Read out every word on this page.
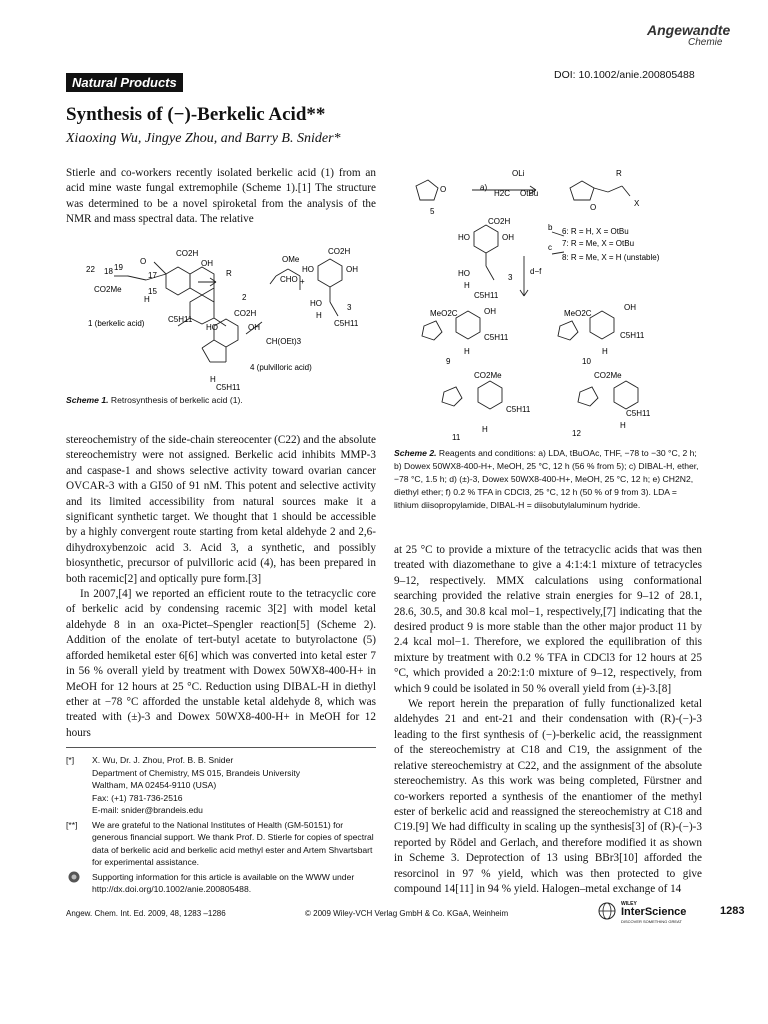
Angewandte
Chemie
Natural Products	DOI: 10.1002/anie.200805488
Synthesis of (−)-Berkelic Acid**
Xiaoxing Wu, Jingye Zhou, and Barry B. Snider*

Stierle and co-workers recently isolated berkelic acid (1) from an acid mine waste fungal extremophile (Scheme 1).[1] The structure was determined to be a novel spiroketal from the analysis of the NMR and mass spectral data. The relative

CO2H
OH	OMe
CHO
R
CO2H
HO	OH
HO
H
C5H11
1 (berkelic acid)
2
3
+
CO2Me
CO2H
HO	OH
CH(OEt)3
H
C5H11
4 (pulvilloric acid)
22 19
18	17
15
O
H
C5H11
Scheme 1. Retrosynthesis of berkelic acid (1).

stereochemistry of the side-chain stereocenter (C22) and the absolute stereochemistry were not assigned. Berkelic acid inhibits MMP-3 and caspase-1 and shows selective activity toward ovarian cancer OVCAR-3 with a GI50 of 91 nM. This potent and selective activity and its limited accessibility from natural sources make it a significant synthetic target. We thought that 1 should be accessible by a highly convergent route starting from ketal aldehyde 2 and 2,6-dihydroxybenzoic acid 3. Acid 3, a synthetic, and possibly biosynthetic, precursor of pulvilloric acid (4), has been prepared in both racemic[2] and optically pure form.[3]

In 2007,[4] we reported an efficient route to the tetracyclic core of berkelic acid by condensing racemic 3[2] with model ketal aldehyde 8 in an oxa-Pictet–Spengler reaction[5] (Scheme 2). Addition of the enolate of tert-butyl acetate to butyrolactone (5) afforded hemiketal ester 6[6] which was converted into ketal ester 7 in 56 % overall yield by treatment with Dowex 50WX8-400-H+ in MeOH for 12 hours at 25 °C. Reduction using DIBAL-H in diethyl ether at −78 °C afforded the unstable ketal aldehyde 8, which was treated with (±)-3 and Dowex 50WX8-400-H+ in MeOH for 12 hours

[*]	X. Wu, Dr. J. Zhou, Prof. B. B. Snider
Department of Chemistry, MS 015, Brandeis University
Waltham, MA 02454-9110 (USA)
Fax: (+1) 781-736-2516
E-mail: snider@brandeis.edu
[**]	We are grateful to the National Institutes of Health (GM-50151) for generous financial support. We thank Prof. D. Stierle for copies of spectral data of berkelic acid and berkelic acid methyl ester and Artem Shvartsbart for experimental assistance.
Supporting information for this article is available on the WWW under http://dx.doi.org/10.1002/anie.200805488.
5
a)
OLi
OtBu
H2C
R
X
6: R = H, X = OtBu
7: R = Me, X = OtBu
8: R = Me, X = H (unstable)
b
c
d−f
CO2H
HO	OH
HO
H
C5H11
3
MeO2C	OH
C5H11
9
MeO2C
OH
C5H11
10
CO2Me
C5H11
11
CO2Me
C5H11
12
O
O
H	H
H	H
Scheme 2. Reagents and conditions: a) LDA, tBuOAc, THF, −78 to −30 °C, 2 h; b) Dowex 50WX8-400-H+, MeOH, 25 °C, 12 h (56 % from 5); c) DIBAL-H, ether, −78 °C, 1.5 h; d) (±)-3, Dowex 50WX8-400-H+, MeOH, 25 °C, 12 h; e) CH2N2, diethyl ether; f) 0.2 % TFA in CDCl3, 25 °C, 12 h (50 % of 9 from 3). LDA = lithium diisopropylamide, DIBAL-H = diisobutylaluminum hydride.

at 25 °C to provide a mixture of the tetracyclic acids that was then treated with diazomethane to give a 4:1:4:1 mixture of tetracycles 9–12, respectively. MMX calculations using conformational searching provided the relative strain energies for 9–12 of 28.1, 28.6, 30.5, and 30.8 kcal mol−1, respectively,[7] indicating that the desired product 9 is more stable than the other major product 11 by 2.4 kcal mol−1. Therefore, we explored the equilibration of this mixture by treatment with 0.2 % TFA in CDCl3 for 12 hours at 25 °C, which provided a 20:2:1:0 mixture of 9–12, respectively, from which 9 could be isolated in 50 % overall yield from (±)-3.[8]

We report herein the preparation of fully functionalized ketal aldehydes 21 and ent-21 and their condensation with (R)-(−)-3 leading to the first synthesis of (−)-berkelic acid, the reassignment of the stereochemistry at C18 and C19, the assignment of the relative stereochemistry at C22, and the assignment of the absolute stereochemistry. As this work was being completed, Fürstner and co-workers reported a synthesis of the enantiomer of the methyl ester of berkelic acid and reassigned the stereochemistry at C18 and C19.[9] We had difficulty in scaling up the synthesis[3] of (R)-(−)-3 reported by Rödel and Gerlach, and therefore modified it as shown in Scheme 3. Deprotection of 13 using BBr3[10] afforded the resorcinol in 97 % yield, which was then protected to give compound 14[11] in 94 % yield. Halogen–metal exchange of 14

Angew. Chem. Int. Ed. 2009, 48, 1283 –1286	© 2009 Wiley-VCH Verlag GmbH & Co. KGaA, Weinheim
WILEY
InterScience
DISCOVER SOMETHING GREAT
1283
